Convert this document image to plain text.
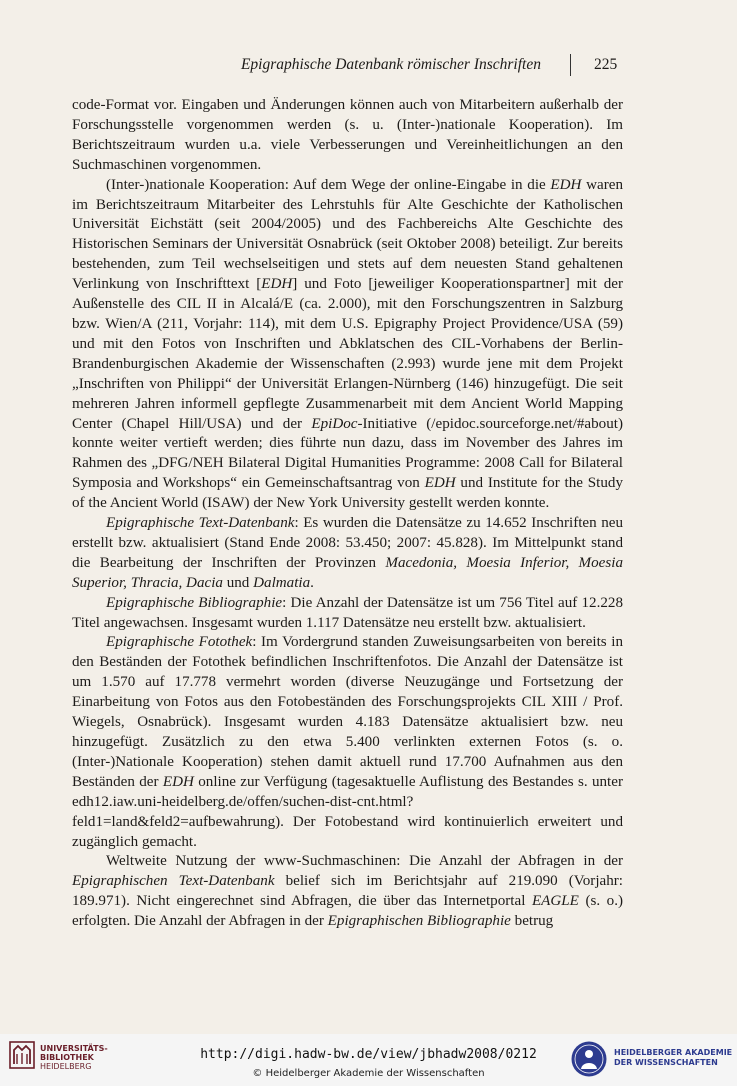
Epigraphische Datenbank römischer Inschriften	225

code-Format vor. Eingaben und Änderungen können auch von Mitarbeitern außerhalb der Forschungsstelle vorgenommen werden (s. u. (Inter-)nationale Kooperation). Im Berichtszeitraum wurden u.a. viele Verbesserungen und Vereinheitlichungen an den Suchmaschinen vorgenommen.

(Inter-)nationale Kooperation: Auf dem Wege der online-Eingabe in die EDH waren im Berichtszeitraum Mitarbeiter des Lehrstuhls für Alte Geschichte der Katholischen Universität Eichstätt (seit 2004/2005) und des Fachbereichs Alte Geschichte des Historischen Seminars der Universität Osnabrück (seit Oktober 2008) beteiligt. Zur bereits bestehenden, zum Teil wechselseitigen und stets auf dem neuesten Stand gehaltenen Verlinkung von Inschrifttext [EDH] und Foto [jeweiliger Kooperationspartner] mit der Außenstelle des CIL II in Alcalá/E (ca. 2.000), mit den Forschungszentren in Salzburg bzw. Wien/A (211, Vorjahr: 114), mit dem U.S. Epigraphy Project Providence/USA (59) und mit den Fotos von Inschriften und Abklatschen des CIL-Vorhabens der Berlin-Brandenburgischen Akademie der Wissenschaften (2.993) wurde jene mit dem Projekt „Inschriften von Philippi“ der Universität Erlangen-Nürnberg (146) hinzugefügt. Die seit mehreren Jahren informell gepflegte Zusammenarbeit mit dem Ancient World Mapping Center (Chapel Hill/USA) und der EpiDoc-Initiative (/epidoc.sourceforge.net/#about) konnte weiter vertieft werden; dies führte nun dazu, dass im November des Jahres im Rahmen des „DFG/NEH Bilateral Digital Humanities Programme: 2008 Call for Bilateral Symposia and Workshops“ ein Gemeinschaftsantrag von EDH und Institute for the Study of the Ancient World (ISAW) der New York University gestellt werden konnte.

Epigraphische Text-Datenbank: Es wurden die Datensätze zu 14.652 Inschriften neu erstellt bzw. aktualisiert (Stand Ende 2008: 53.450; 2007: 45.828). Im Mittelpunkt stand die Bearbeitung der Inschriften der Provinzen Macedonia, Moesia Inferior, Moesia Superior, Thracia, Dacia und Dalmatia.

Epigraphische Bibliographie: Die Anzahl der Datensätze ist um 756 Titel auf 12.228 Titel angewachsen. Insgesamt wurden 1.117 Datensätze neu erstellt bzw. aktualisiert.

Epigraphische Fotothek: Im Vordergrund standen Zuweisungsarbeiten von bereits in den Beständen der Fotothek befindlichen Inschriftenfotos. Die Anzahl der Datensätze ist um 1.570 auf 17.778 vermehrt worden (diverse Neuzugänge und Fortsetzung der Einarbeitung von Fotos aus den Fotobeständen des Forschungsprojekts CIL XIII / Prof. Wiegels, Osnabrück). Insgesamt wurden 4.183 Datensätze aktualisiert bzw. neu hinzugefügt. Zusätzlich zu den etwa 5.400 verlinkten externen Fotos (s. o. (Inter-)Nationale Kooperation) stehen damit aktuell rund 17.700 Aufnahmen aus den Beständen der EDH online zur Verfügung (tagesaktuelle Auflistung des Bestandes s. unter edh12.iaw.uni-heidelberg.de/offen/suchen-dist-cnt.html?feld1=land&feld2=aufbewahrung). Der Fotobestand wird kontinuierlich erweitert und zugänglich gemacht.

Weltweite Nutzung der www-Suchmaschinen: Die Anzahl der Abfragen in der Epigraphischen Text-Datenbank belief sich im Berichtsjahr auf 219.090 (Vorjahr: 189.971). Nicht eingerechnet sind Abfragen, die über das Internetportal EAGLE (s. o.) erfolgten. Die Anzahl der Abfragen in der Epigraphischen Bibliographie betrug

UNIVERSITÄTS-
BIBLIOTHEK
HEIDELBERG
http://digi.hadw-bw.de/view/jbhadw2008/0212
© Heidelberger Akademie der Wissenschaften
HEIDELBERGER AKADEMIE
DER WISSENSCHAFTEN
